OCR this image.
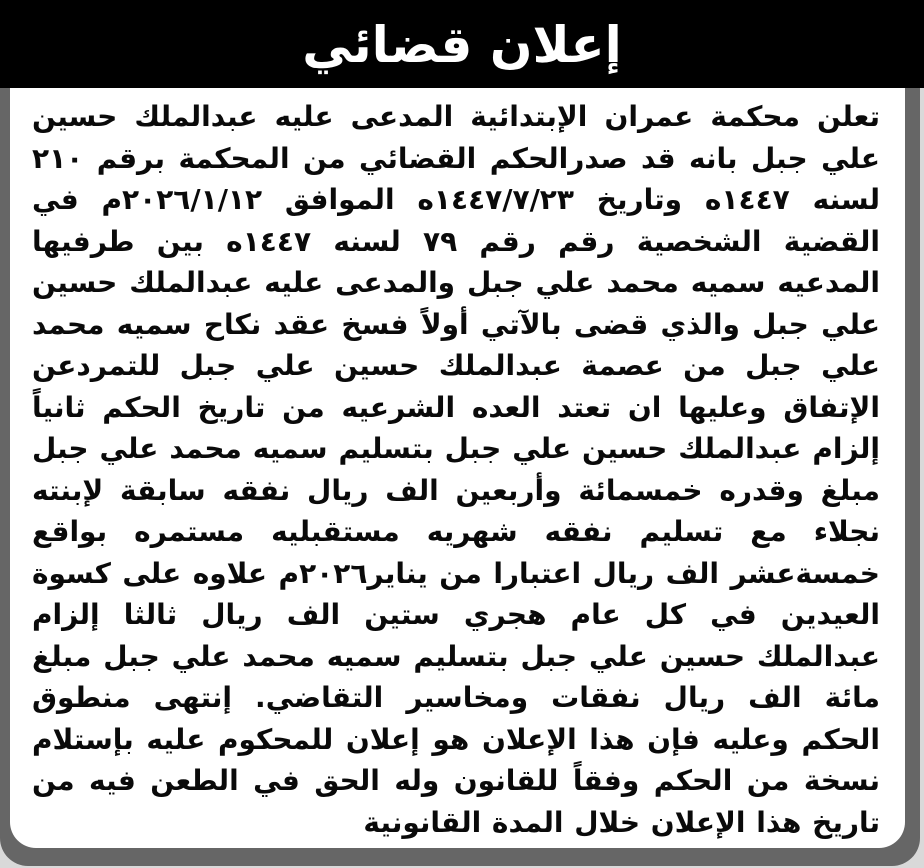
إعلان قضائي

تعلن محكمة عمران الإبتدائية المدعى عليه عبدالملك حسين علي جبل بانه قد صدرالحكم القضائي من المحكمة برقم ٢١٠ لسنه ١٤٤٧ه وتاريخ ١٤٤٧/٧/٢٣ه الموافق ٢٠٢٦/١/١٢م في القضية الشخصية رقم رقم ٧٩ لسنه ١٤٤٧ه بين طرفيها المدعيه سميه محمد علي جبل والمدعى عليه عبدالملك حسين علي جبل والذي قضى بالآتي أولاً فسخ عقد نكاح سميه محمد علي جبل من عصمة عبدالملك حسين علي جبل للتمردعن الإتفاق وعليها ان تعتد العده الشرعيه من تاريخ الحكم ثانياً إلزام عبدالملك حسين علي جبل بتسليم سميه محمد علي جبل مبلغ وقدره خمسمائة وأربعين الف ريال نفقه سابقة لإبنته نجلاء مع تسليم نفقه شهريه مستقبليه مستمره بواقع خمسةعشر الف ريال اعتبارا من يناير٢٠٢٦م علاوه على كسوة العيدين في كل عام هجري ستين الف ريال ثالثا إلزام عبدالملك حسين علي جبل بتسليم سميه محمد علي جبل مبلغ مائة الف ريال نفقات ومخاسير التقاضي. إنتهى منطوق الحكم وعليه فإن هذا الإعلان هو إعلان للمحكوم عليه بإستلام نسخة من الحكم وفقاً للقانون وله الحق في الطعن فيه من تاريخ هذا الإعلان خلال المدة القانونية
